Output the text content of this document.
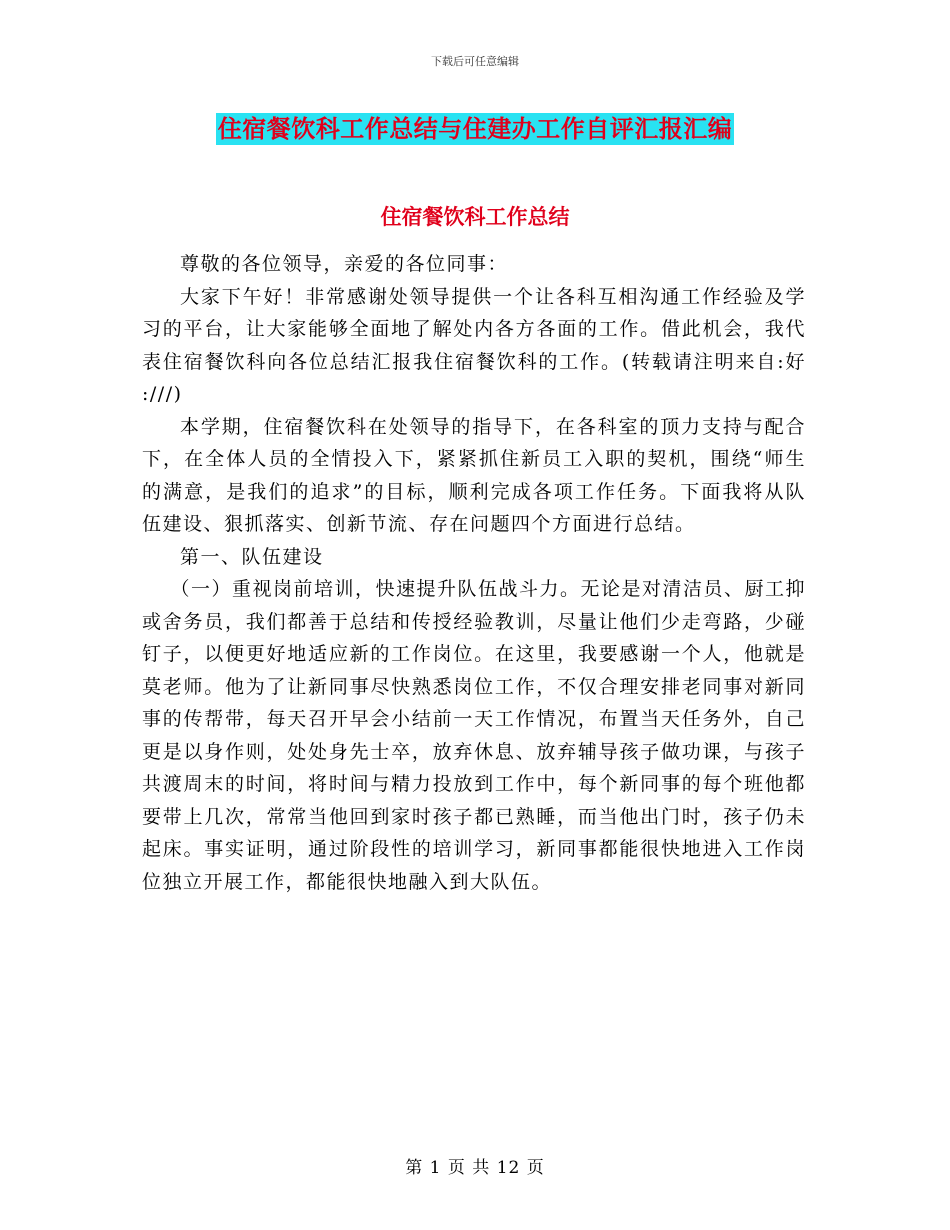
下载后可任意编辑
住宿餐饮科工作总结与住建办工作自评汇报汇编
住宿餐饮科工作总结

尊敬的各位领导，亲爱的各位同事：

大家下午好！非常感谢处领导提供一个让各科互相沟通工作经验及学习的平台，让大家能够全面地了解处内各方各面的工作。借此机会，我代表住宿餐饮科向各位总结汇报我住宿餐饮科的工作。(转载请注明来自:好 ://​/)

本学期，住宿餐饮科在处领导的指导下，在各科室的顶力支持与配合下，在全体人员的全情投入下，紧紧抓住新员工入职的契机，围绕“师生的满意，是我们的追求”的目标，顺利完成各项工作任务。下面我将从队伍建设、狠抓落实、创新节流、存在问题四个方面进行总结。

第一、队伍建设

（一）重视岗前培训，快速提升队伍战斗力。无论是对清洁员、厨工抑或舍务员，我们都善于总结和传授经验教训，尽量让他们少走弯路，少碰钉子，以便更好地适应新的工作岗位。在这里，我要感谢一个人，他就是莫老师。他为了让新同事尽快熟悉岗位工作，不仅合理安排老同事对新同事的传帮带，每天召开早会小结前一天工作情况，布置当天任务外，自己更是以身作则，处处身先士卒，放弃休息、放弃辅导孩子做功课，与孩子共渡周末的时间，将时间与精力投放到工作中，每个新同事的每个班他都要带上几次，常常当他回到家时孩子都已熟睡，而当他出门时，孩子仍未起床。事实证明，通过阶段性的培训学习，新同事都能很快地进入工作岗位独立开展工作，都能很快地融入到大队伍。

第 1 页 共 12 页
